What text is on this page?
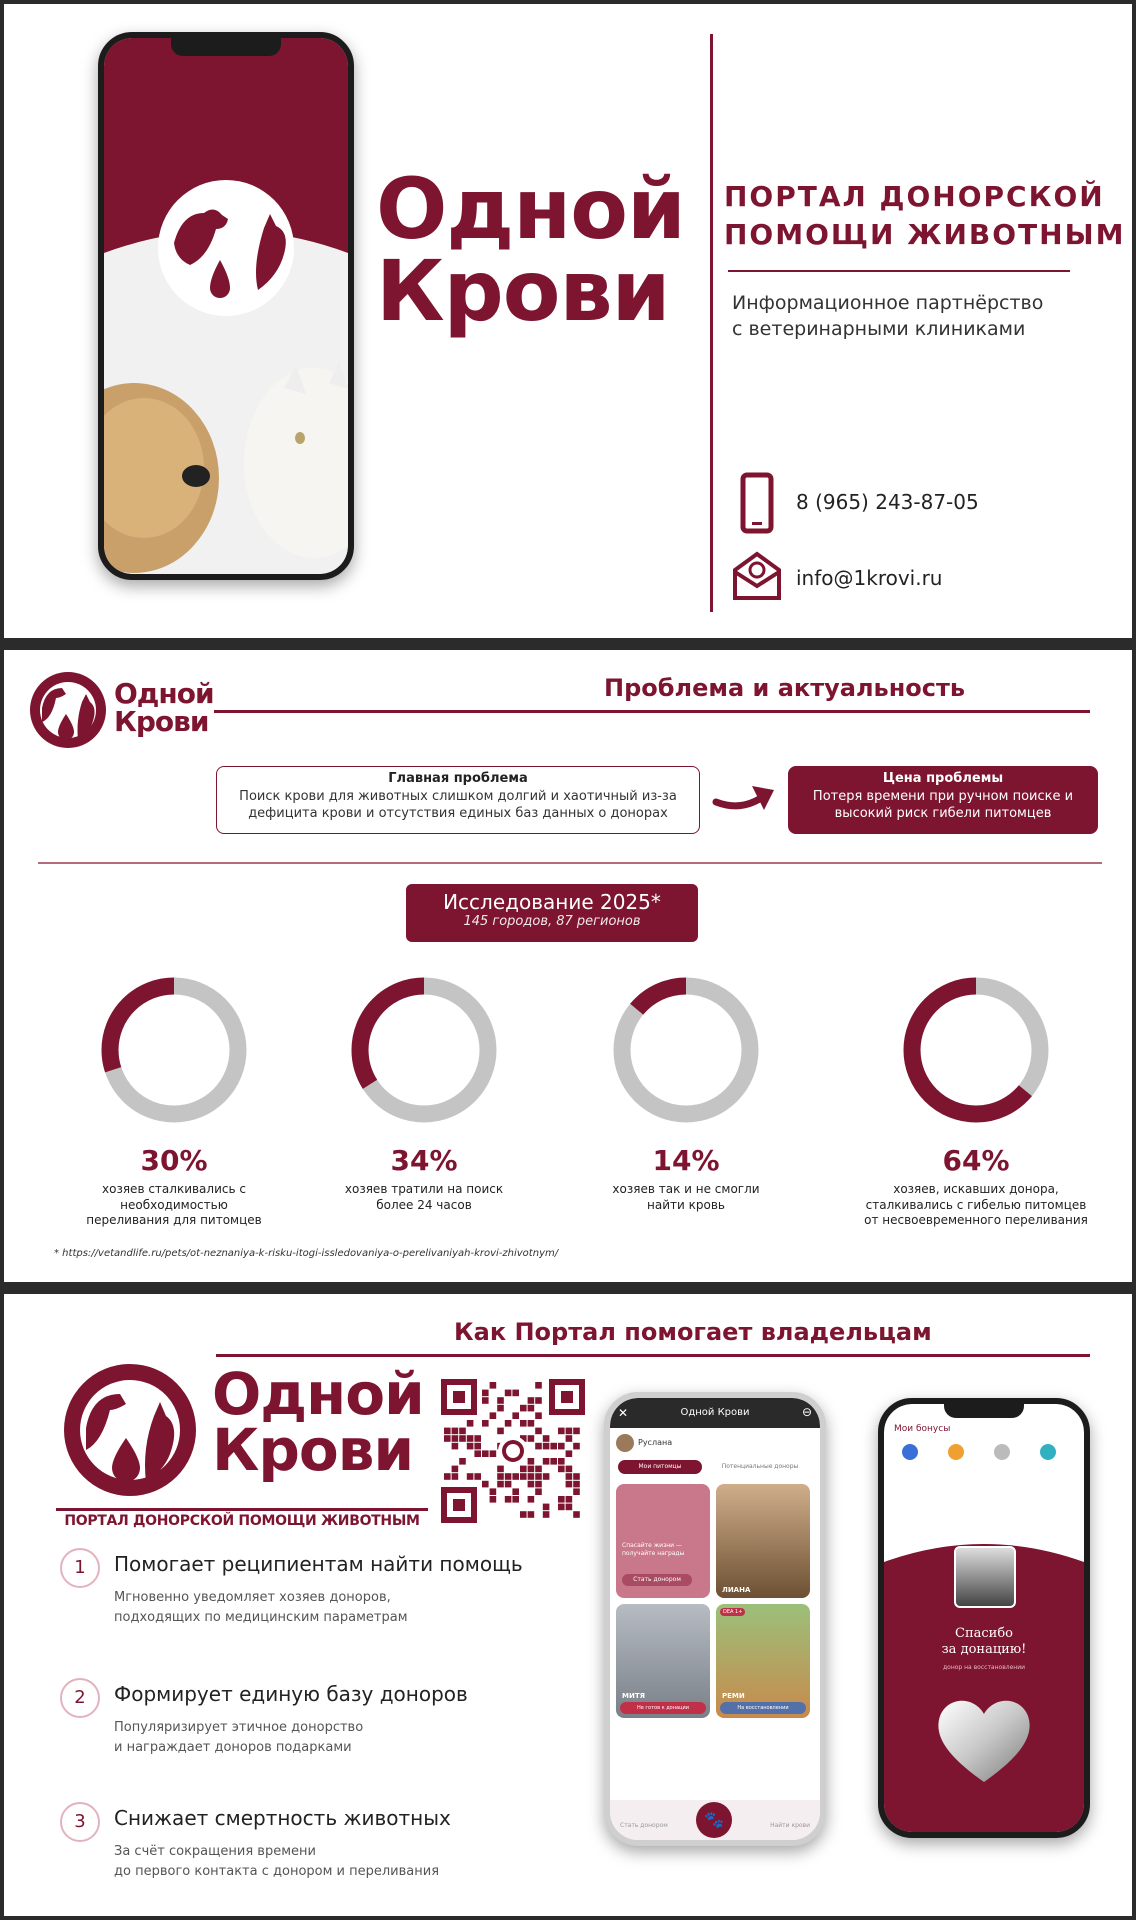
Одной
Крови
ПОРТАЛ ДОНОРСКОЙ
ПОМОЩИ ЖИВОТНЫМ
Информационное партнёрство
с ветеринарными клиниками
8 (965) 243-87-05
info@1krovi.ru
Одной
Крови
Проблема и актуальность
Главная проблема
Поиск крови для животных слишком долгий и хаотичный из-за
дефицита крови и отсутствия единых баз данных о донорах
Цена проблемы
Потеря времени при ручном поиске и
высокий риск гибели питомцев
Исследование 2025*
145 городов, 87 регионов
30%
хозяев сталкивались с необходимостью
переливания для питомцев
34%
хозяев тратили на поиск
более 24 часов
14%
хозяев так и не смогли
найти кровь
64%
хозяев, искавших донора,
сталкивались с гибелью питомцев
от несвоевременного переливания
* https://vetandlife.ru/pets/ot-neznaniya-k-risku-itogi-issledovaniya-o-perelivaniyah-krovi-zhivotnym/
Как Портал помогает владельцам
Одной
Крови
ПОРТАЛ ДОНОРСКОЙ ПОМОЩИ ЖИВОТНЫМ
1	Помогает реципиентам найти помощь
Мгновенно уведомляет хозяев доноров,
подходящих по медицинским параметрам
2	Формирует единую базу доноров
Популяризирует этичное донорство
и награждает доноров подарками
3	Снижает смертность животных
За счёт сокращения времени
до первого контакта с донором и переливания
Одной Крови
✕	⊖
Руслана
Мои питомцы	Потенциальные доноры
Спасайте жизни —
получайте награды
Стать донором
ЛИАНА
МИТЯ
Не готов к донации
DEA 1+
РЕМИ
На восстановлении
Стать донором	🐾	Найти крови
Мои бонусы
Спасибо
за донацию!
донор на восстановлении
